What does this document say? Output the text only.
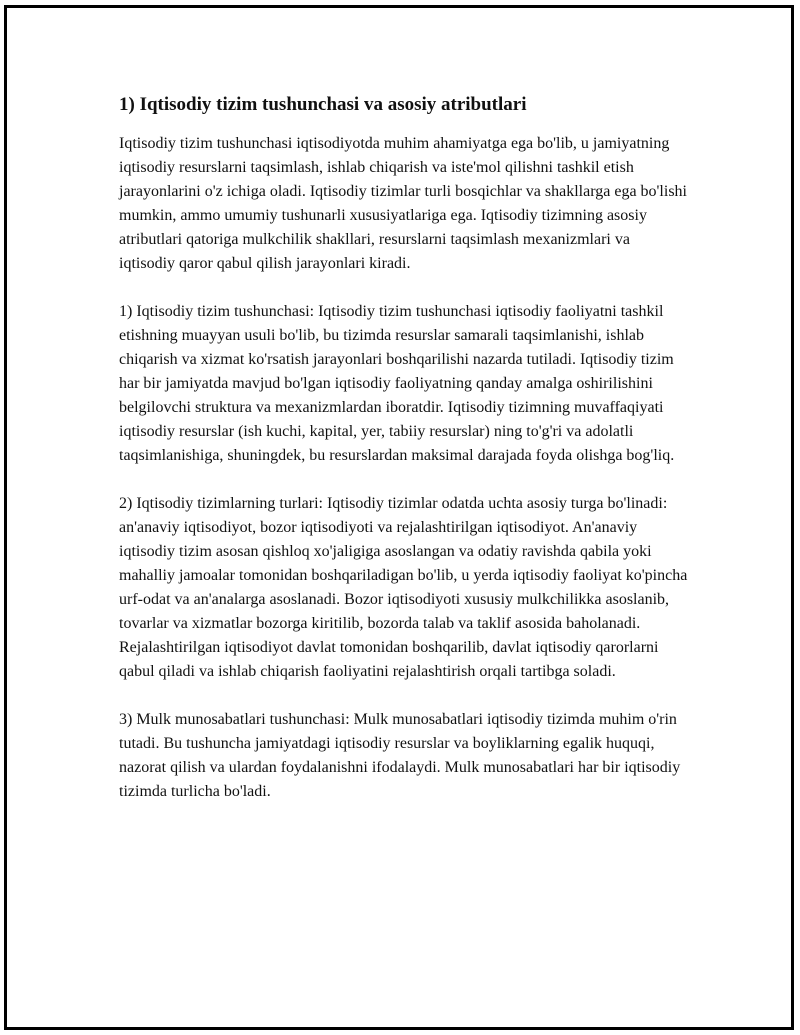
1) Iqtisodiy tizim tushunchasi va asosiy atributlari

Iqtisodiy tizim tushunchasi iqtisodiyotda muhim ahamiyatga ega bo'lib, u jamiyatning iqtisodiy resurslarni taqsimlash, ishlab chiqarish va iste'mol qilishni tashkil etish jarayonlarini o'z ichiga oladi. Iqtisodiy tizimlar turli bosqichlar va shakllarga ega bo'lishi mumkin, ammo umumiy tushunarli xususiyatlariga ega. Iqtisodiy tizimning asosiy atributlari qatoriga mulkchilik shakllari, resurslarni taqsimlash mexanizmlari va iqtisodiy qaror qabul qilish jarayonlari kiradi.

1) Iqtisodiy tizim tushunchasi: Iqtisodiy tizim tushunchasi iqtisodiy faoliyatni tashkil etishning muayyan usuli bo'lib, bu tizimda resurslar samarali taqsimlanishi, ishlab chiqarish va xizmat ko'rsatish jarayonlari boshqarilishi nazarda tutiladi. Iqtisodiy tizim har bir jamiyatda mavjud bo'lgan iqtisodiy faoliyatning qanday amalga oshirilishini belgilovchi struktura va mexanizmlardan iboratdir. Iqtisodiy tizimning muvaffaqiyati iqtisodiy resurslar (ish kuchi, kapital, yer, tabiiy resurslar) ning to'g'ri va adolatli taqsimlanishiga, shuningdek, bu resurslardan maksimal darajada foyda olishga bog'liq.

2) Iqtisodiy tizimlarning turlari: Iqtisodiy tizimlar odatda uchta asosiy turga bo'linadi: an'anaviy iqtisodiyot, bozor iqtisodiyoti va rejalashtirilgan iqtisodiyot. An'anaviy iqtisodiy tizim asosan qishloq xo'jaligiga asoslangan va odatiy ravishda qabila yoki mahalliy jamoalar tomonidan boshqariladigan bo'lib, u yerda iqtisodiy faoliyat ko'pincha urf-odat va an'analarga asoslanadi. Bozor iqtisodiyoti xususiy mulkchilikka asoslanib, tovarlar va xizmatlar bozorga kiritilib, bozorda talab va taklif asosida baholanadi. Rejalashtirilgan iqtisodiyot davlat tomonidan boshqarilib, davlat iqtisodiy qarorlarni qabul qiladi va ishlab chiqarish faoliyatini rejalashtirish orqali tartibga soladi.

3) Mulk munosabatlari tushunchasi: Mulk munosabatlari iqtisodiy tizimda muhim o'rin tutadi. Bu tushuncha jamiyatdagi iqtisodiy resurslar va boyliklarning egalik huquqi, nazorat qilish va ulardan foydalanishni ifodalaydi. Mulk munosabatlari har bir iqtisodiy tizimda turlicha bo'ladi.
